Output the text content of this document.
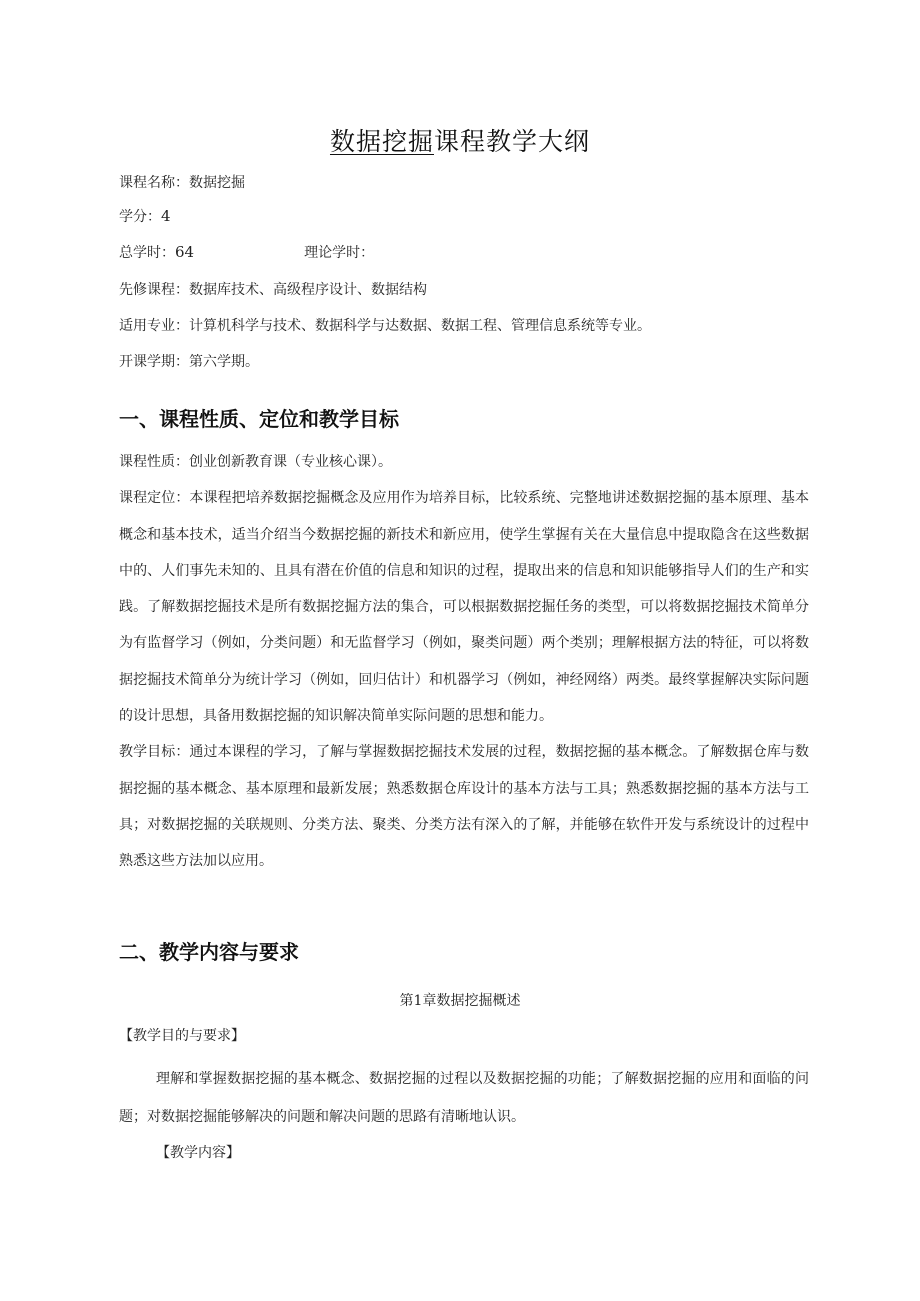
数据挖掘课程教学大纲
课程名称：数据挖掘
学分：4
总学时：64	理论学时：
先修课程：数据库技术、高级程序设计、数据结构
适用专业：计算机科学与技术、数据科学与达数据、数据工程、管理信息系统等专业。
开课学期：第六学期。
一、课程性质、定位和教学目标

课程性质：创业创新教育课（专业核心课）。

课程定位：本课程把培养数据挖掘概念及应用作为培养目标，比较系统、完整地讲述数据挖掘的基本原理、基本概念和基本技术，适当介绍当今数据挖掘的新技术和新应用，使学生掌握有关在大量信息中提取隐含在这些数据中的、人们事先未知的、且具有潜在价值的信息和知识的过程，提取出来的信息和知识能够指导人们的生产和实践。了解数据挖掘技术是所有数据挖掘方法的集合，可以根据数据挖掘任务的类型，可以将数据挖掘技术简单分为有监督学习（例如，分类问题）和无监督学习（例如，聚类问题）两个类别；理解根据方法的特征，可以将数据挖掘技术简单分为统计学习（例如，回归估计）和机器学习（例如，神经网络）两类。最终掌握解决实际问题的设计思想，具备用数据挖掘的知识解决简单实际问题的思想和能力。

教学目标：通过本课程的学习，了解与掌握数据挖掘技术发展的过程，数据挖掘的基本概念。了解数据仓库与数据挖掘的基本概念、基本原理和最新发展；熟悉数据仓库设计的基本方法与工具；熟悉数据挖掘的基本方法与工具；对数据挖掘的关联规则、分类方法、聚类、分类方法有深入的了解，并能够在软件开发与系统设计的过程中熟悉这些方法加以应用。

二、教学内容与要求
第1章数据挖掘概述
【教学目的与要求】
理解和掌握数据挖掘的基本概念、数据挖掘的过程以及数据挖掘的功能；了解数据挖掘的应用和面临的问题；对数据挖掘能够解决的问题和解决问题的思路有清晰地认识。
【教学内容】
